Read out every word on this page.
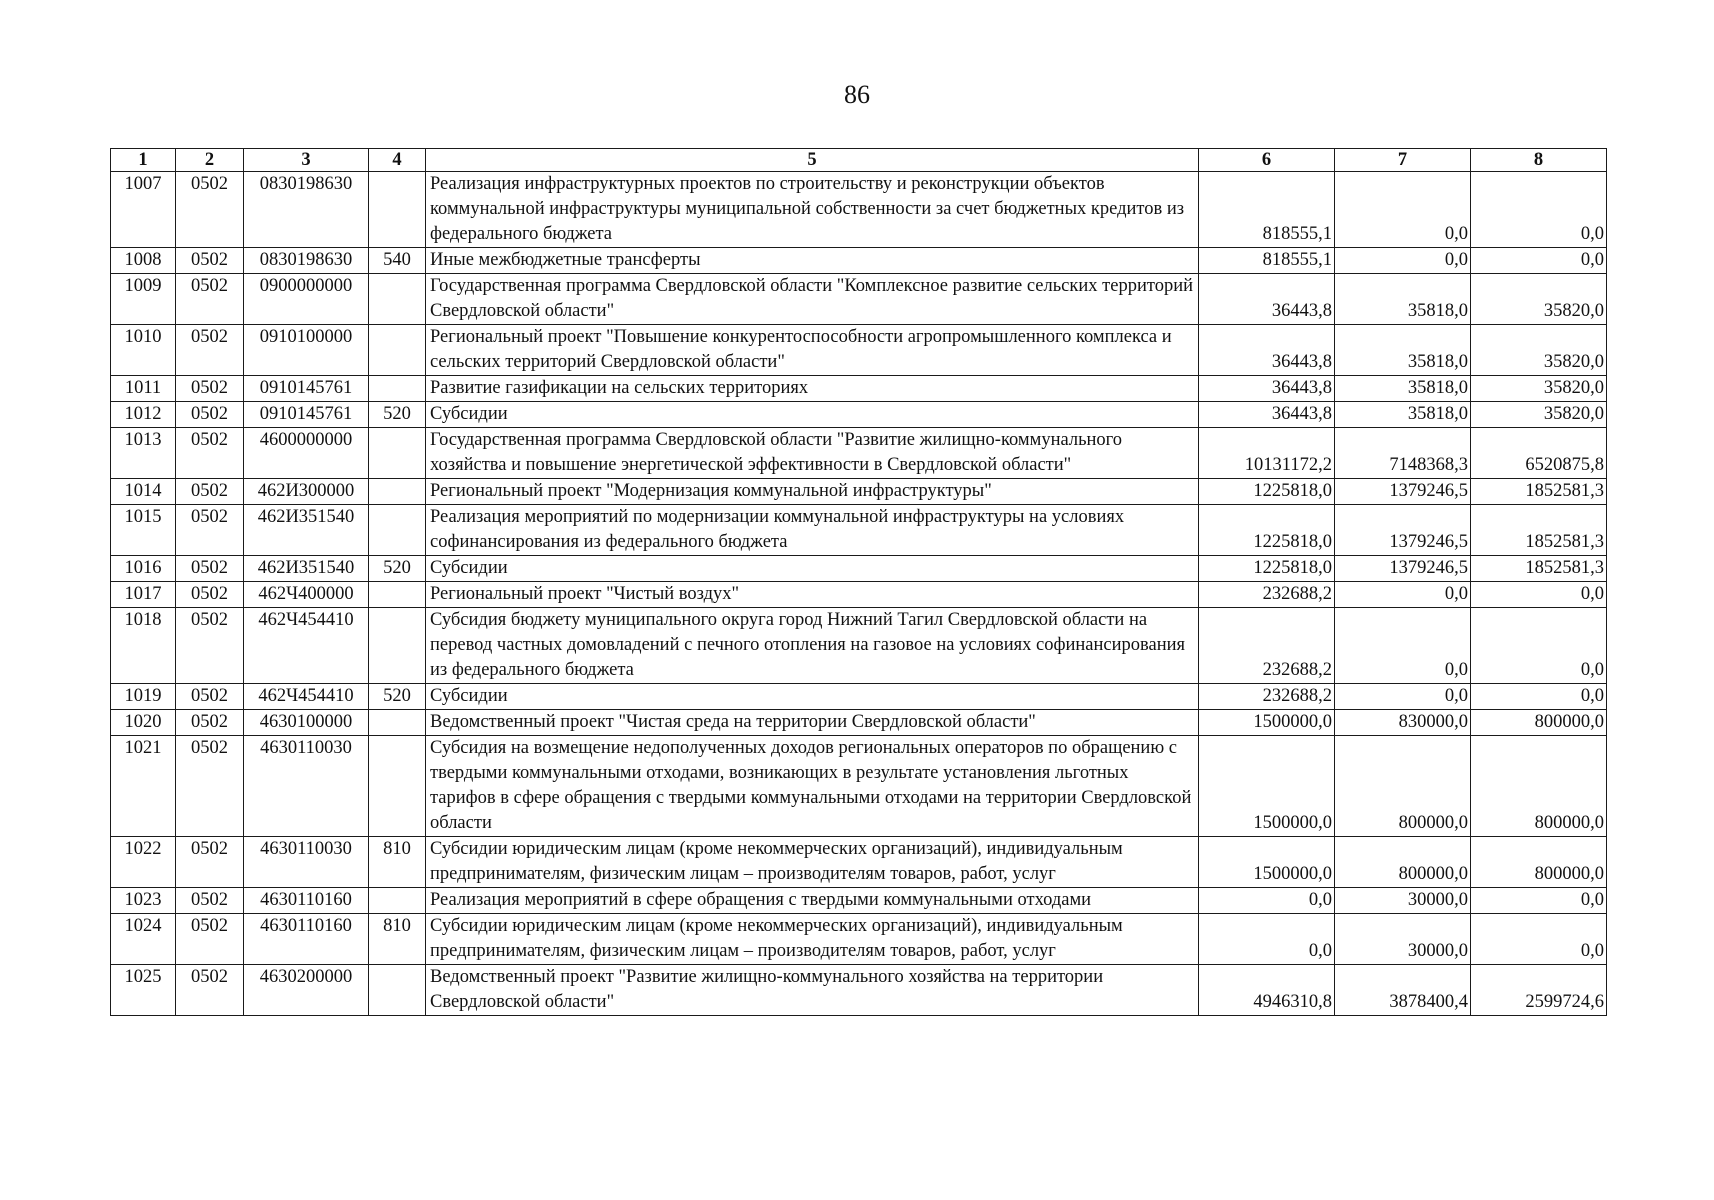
86
1	2	3	4	5	6	7	8
1007	0502	0830198630		Реализация инфраструктурных проектов по строительству и реконструкции объектов коммунальной инфраструктуры муниципальной собственности за счет бюджетных кредитов из федерального бюджета	818555,1	0,0	0,0
1008	0502	0830198630	540	Иные межбюджетные трансферты	818555,1	0,0	0,0
1009	0502	0900000000		Государственная программа Свердловской области "Комплексное развитие сельских территорий Свердловской области"	36443,8	35818,0	35820,0
1010	0502	0910100000		Региональный проект "Повышение конкурентоспособности агропромышленного комплекса и сельских территорий Свердловской области"	36443,8	35818,0	35820,0
1011	0502	0910145761		Развитие газификации на сельских территориях	36443,8	35818,0	35820,0
1012	0502	0910145761	520	Субсидии	36443,8	35818,0	35820,0
1013	0502	4600000000		Государственная программа Свердловской области "Развитие жилищно-коммунального хозяйства и повышение энергетической эффективности в Свердловской области"	10131172,2	7148368,3	6520875,8
1014	0502	462И300000		Региональный проект "Модернизация коммунальной инфраструктуры"	1225818,0	1379246,5	1852581,3
1015	0502	462И351540		Реализация мероприятий по модернизации коммунальной инфраструктуры на условиях софинансирования из федерального бюджета	1225818,0	1379246,5	1852581,3
1016	0502	462И351540	520	Субсидии	1225818,0	1379246,5	1852581,3
1017	0502	462Ч400000		Региональный проект "Чистый воздух"	232688,2	0,0	0,0
1018	0502	462Ч454410		Субсидия бюджету муниципального округа город Нижний Тагил Свердловской области на перевод частных домовладений с печного отопления на газовое на условиях софинансирования из федерального бюджета	232688,2	0,0	0,0
1019	0502	462Ч454410	520	Субсидии	232688,2	0,0	0,0
1020	0502	4630100000		Ведомственный проект "Чистая среда на территории Свердловской области"	1500000,0	830000,0	800000,0
1021	0502	4630110030		Субсидия на возмещение недополученных доходов региональных операторов по обращению с твердыми коммунальными отходами, возникающих в результате установления льготных тарифов в сфере обращения с твердыми коммунальными отходами на территории Свердловской области	1500000,0	800000,0	800000,0
1022	0502	4630110030	810	Субсидии юридическим лицам (кроме некоммерческих организаций), индивидуальным предпринимателям, физическим лицам – производителям товаров, работ, услуг	1500000,0	800000,0	800000,0
1023	0502	4630110160		Реализация мероприятий в сфере обращения с твердыми коммунальными отходами	0,0	30000,0	0,0
1024	0502	4630110160	810	Субсидии юридическим лицам (кроме некоммерческих организаций), индивидуальным предпринимателям, физическим лицам – производителям товаров, работ, услуг	0,0	30000,0	0,0
1025	0502	4630200000		Ведомственный проект "Развитие жилищно-коммунального хозяйства на территории Свердловской области"	4946310,8	3878400,4	2599724,6
